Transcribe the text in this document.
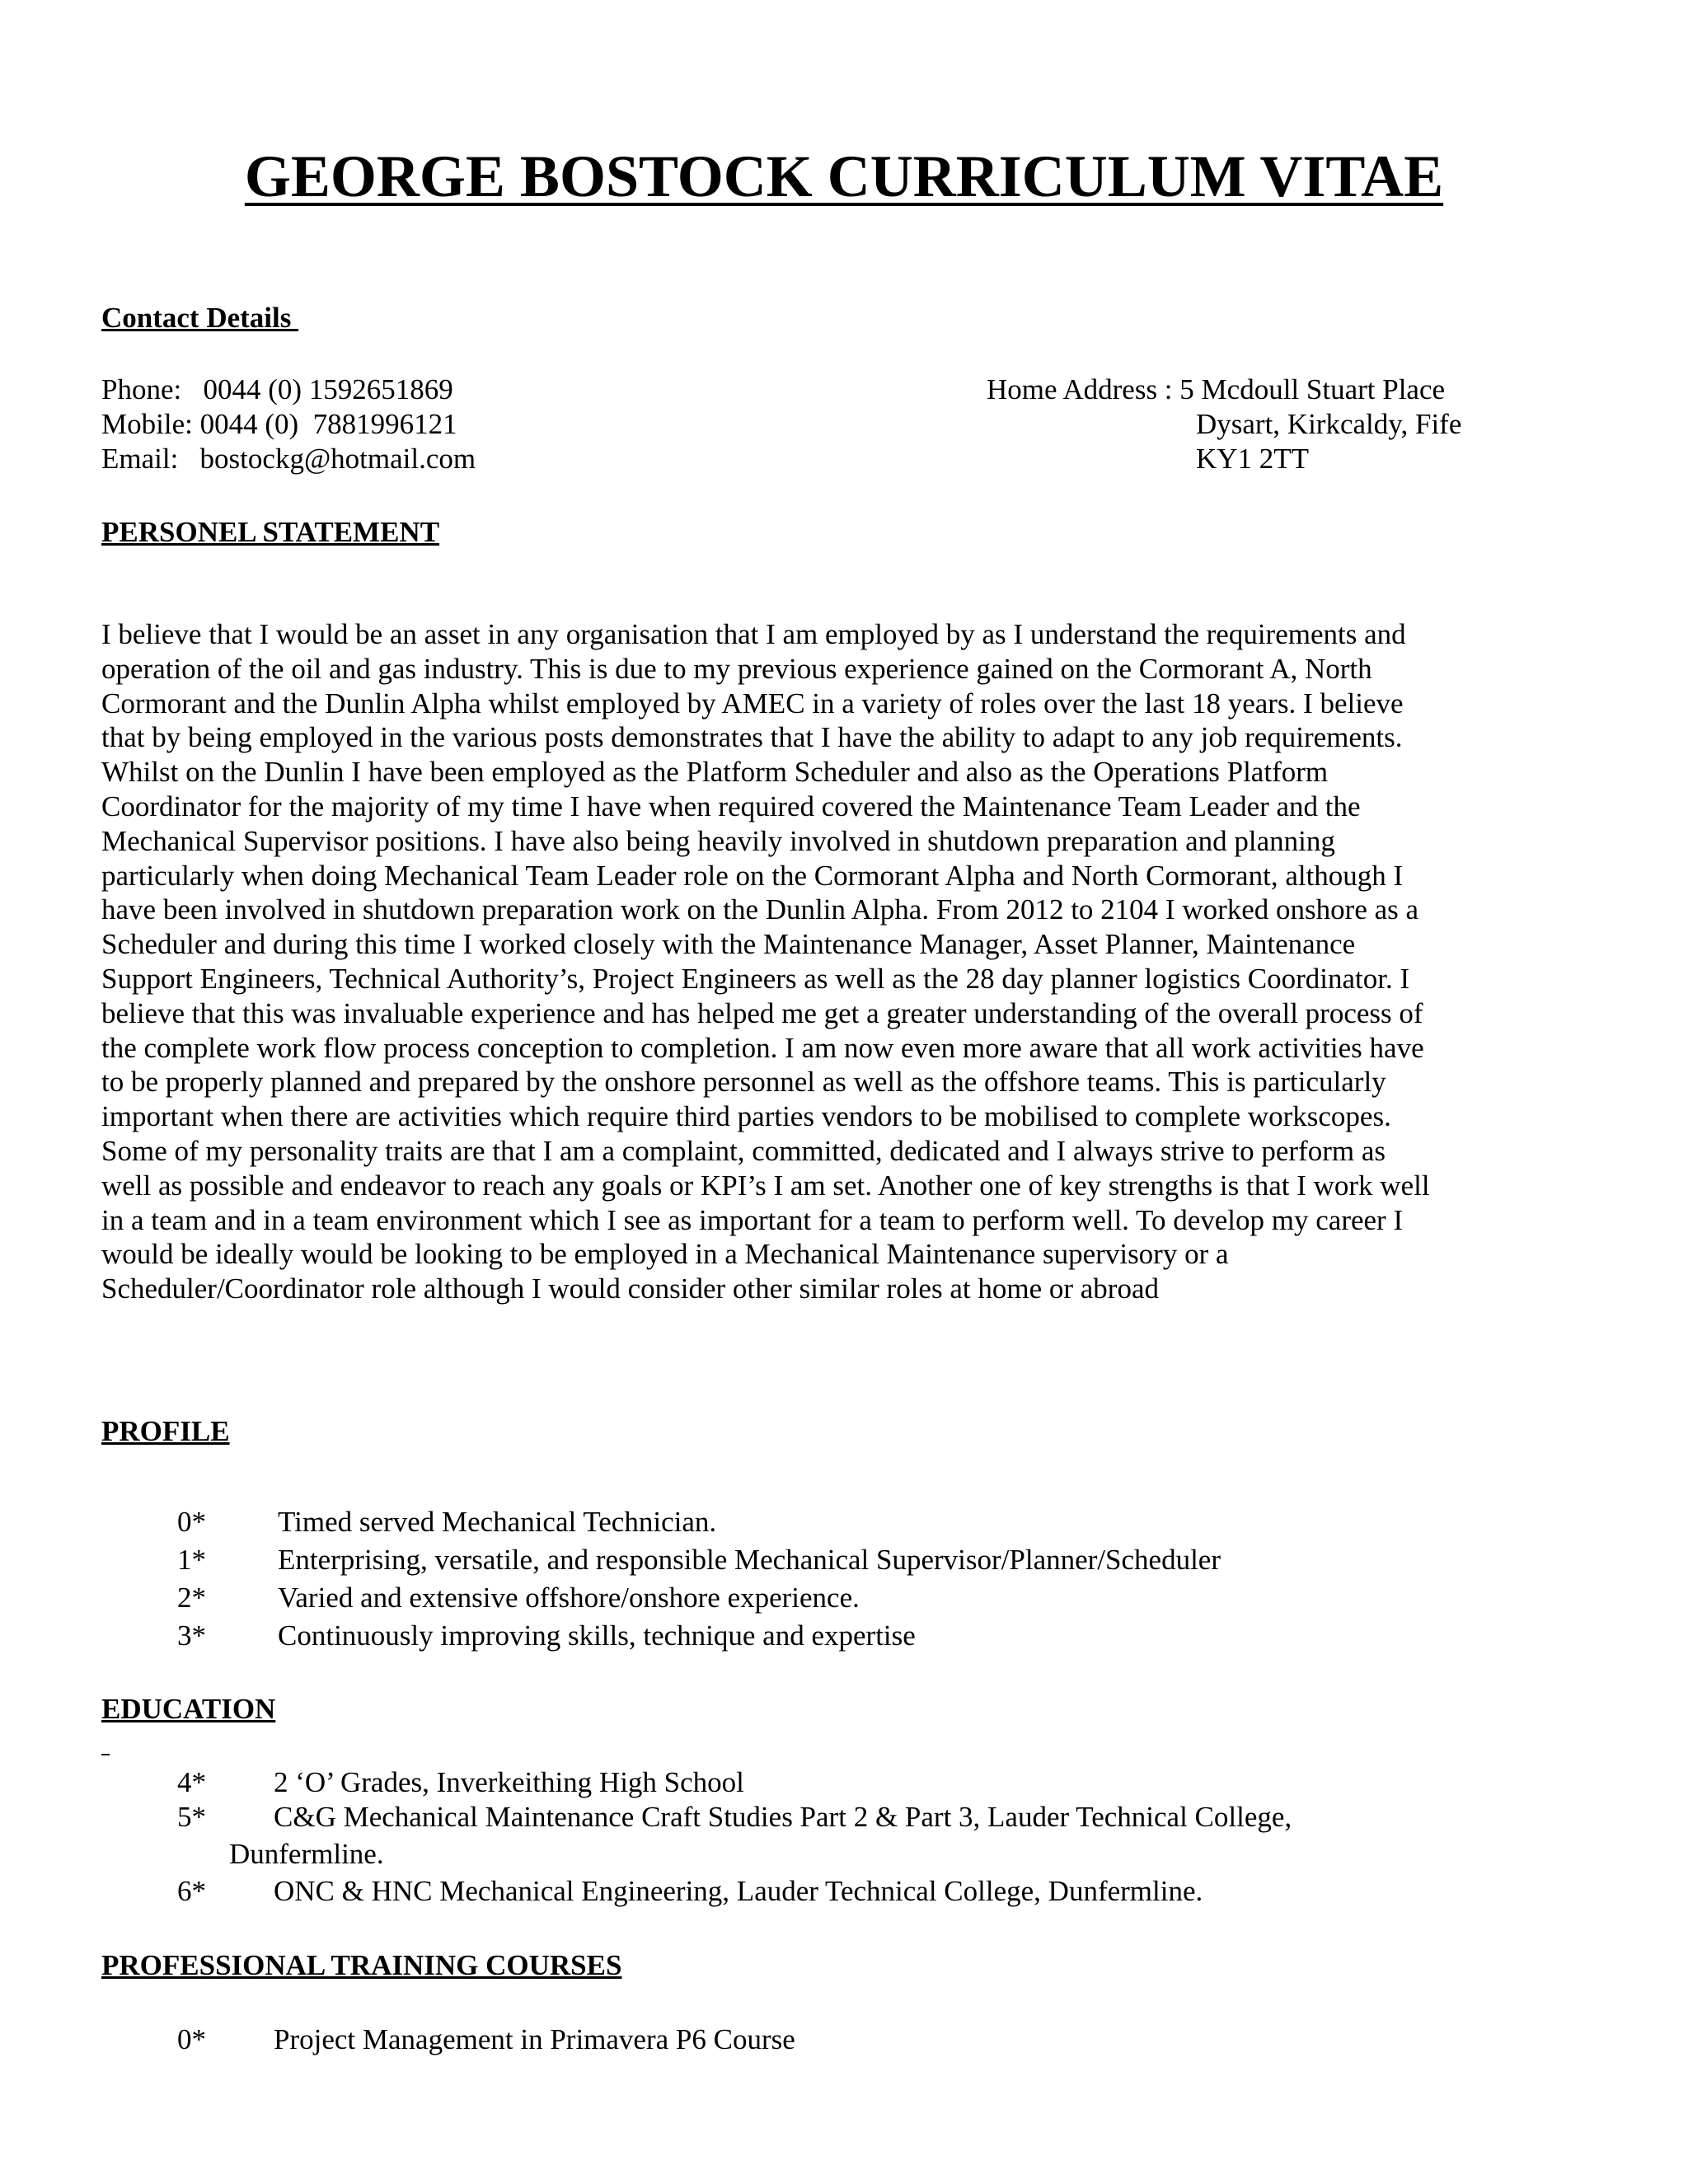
GEORGE BOSTOCK CURRICULUM VITAE
Contact Details
Phone:   0044 (0) 1592651869
Mobile: 0044 (0)  7881996121
Email:   bostockg@hotmail.com
Home Address : 5 Mcdoull Stuart Place
Dysart, Kirkcaldy, Fife
KY1 2TT
PERSONEL STATEMENT
I believe that I would be an asset in any organisation that I am employed by as I understand the requirements and
operation of the oil and gas industry. This is due to my previous experience gained on the Cormorant A, North
Cormorant and the Dunlin Alpha whilst employed by AMEC in a variety of roles over the last 18 years. I believe
that by being employed in the various posts demonstrates that I have the ability to adapt to any job requirements.
Whilst on the Dunlin I have been employed as the Platform Scheduler and also as the Operations Platform
Coordinator for the majority of my time I have when required covered the Maintenance Team Leader and the
Mechanical Supervisor positions. I have also being heavily involved in shutdown preparation and planning
particularly when doing Mechanical Team Leader role on the Cormorant Alpha and North Cormorant, although I
have been involved in shutdown preparation work on the Dunlin Alpha. From 2012 to 2104 I worked onshore as a
Scheduler and during this time I worked closely with the Maintenance Manager, Asset Planner, Maintenance
Support Engineers, Technical Authority’s, Project Engineers as well as the 28 day planner logistics Coordinator. I
believe that this was invaluable experience and has helped me get a greater understanding of the overall process of
the complete work flow process conception to completion. I am now even more aware that all work activities have
to be properly planned and prepared by the onshore personnel as well as the offshore teams. This is particularly
important when there are activities which require third parties vendors to be mobilised to complete workscopes.
Some of my personality traits are that I am a complaint, committed, dedicated and I always strive to perform as
well as possible and endeavor to reach any goals or KPI’s I am set. Another one of key strengths is that I work well
in a team and in a team environment which I see as important for a team to perform well. To develop my career I
would be ideally would be looking to be employed in a Mechanical Maintenance supervisory or a
Scheduler/Coordinator role although I would consider other similar roles at home or abroad
PROFILE

0*

Timed served Mechanical Technician.

1*

Enterprising, versatile, and responsible Mechanical Supervisor/Planner/Scheduler

2*

Varied and extensive offshore/onshore experience.

3*

Continuously improving skills, technique and expertise

EDUCATION

4*

2 ‘O’ Grades, Inverkeithing High School

5*

C&G Mechanical Maintenance Craft Studies Part 2 & Part 3, Lauder Technical College,

Dunfermline.

6*

ONC & HNC Mechanical Engineering, Lauder Technical College, Dunfermline.

PROFESSIONAL TRAINING COURSES

0*

Project Management in Primavera P6 Course
